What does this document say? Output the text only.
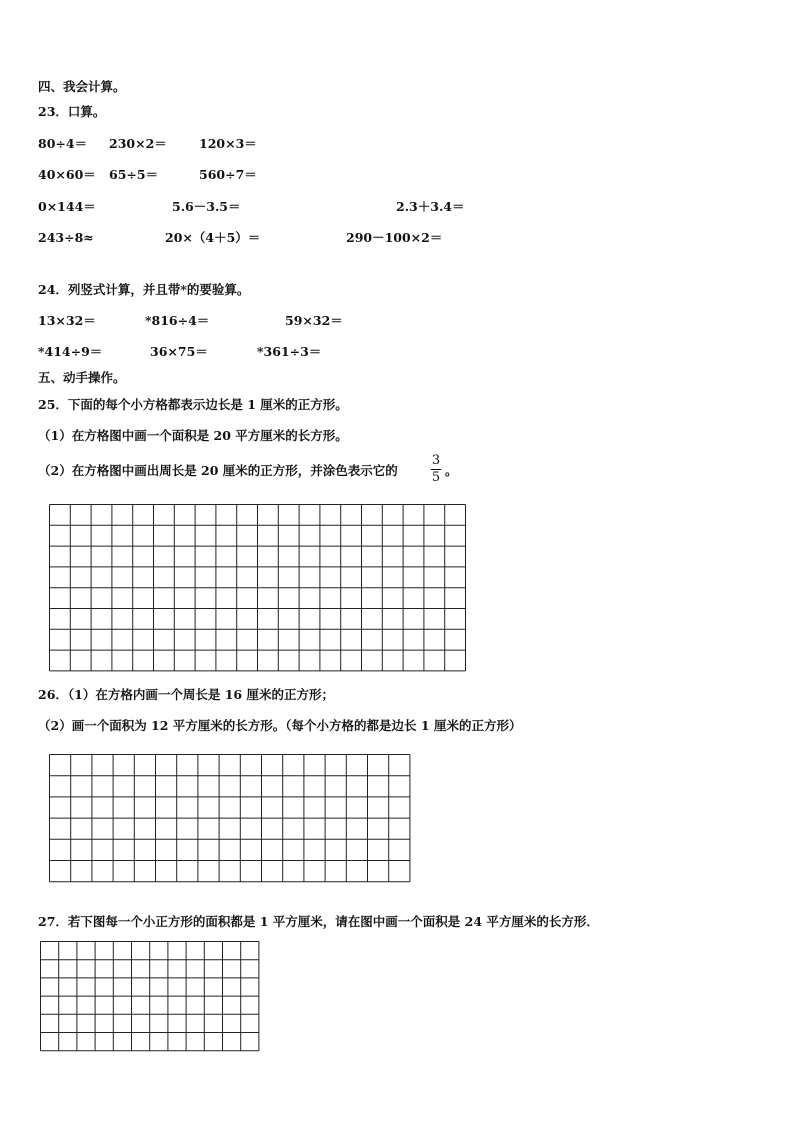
四、我会计算。
23．口算。
80÷4＝ 230×2＝	120×3＝
40×60＝ 65÷5＝	560÷7＝
0×144＝	5.6－3.5＝	2.3＋3.4＝
243÷8≈	20×（4＋5）＝	290－100×2＝
24．列竖式计算，并且带*的要验算。
13×32＝	*816÷4＝	59×32＝
*414÷9＝	36×75＝	*361÷3＝
五、动手操作。
25．下面的每个小方格都表示边长是 1 厘米的正方形。
（1）在方格图中画一个面积是 20 平方厘米的长方形。
（2）在方格图中画出周长是 20 厘米的正方形，并涂色表示它的
3
5 。
26．（1）在方格内画一个周长是 16 厘米的正方形；
（2）画一个面积为 12 平方厘米的长方形。（每个小方格的都是边长 1 厘米的正方形）
27．若下图每一个小正方形的面积都是 1 平方厘米，请在图中画一个面积是 24 平方厘米的长方形．
